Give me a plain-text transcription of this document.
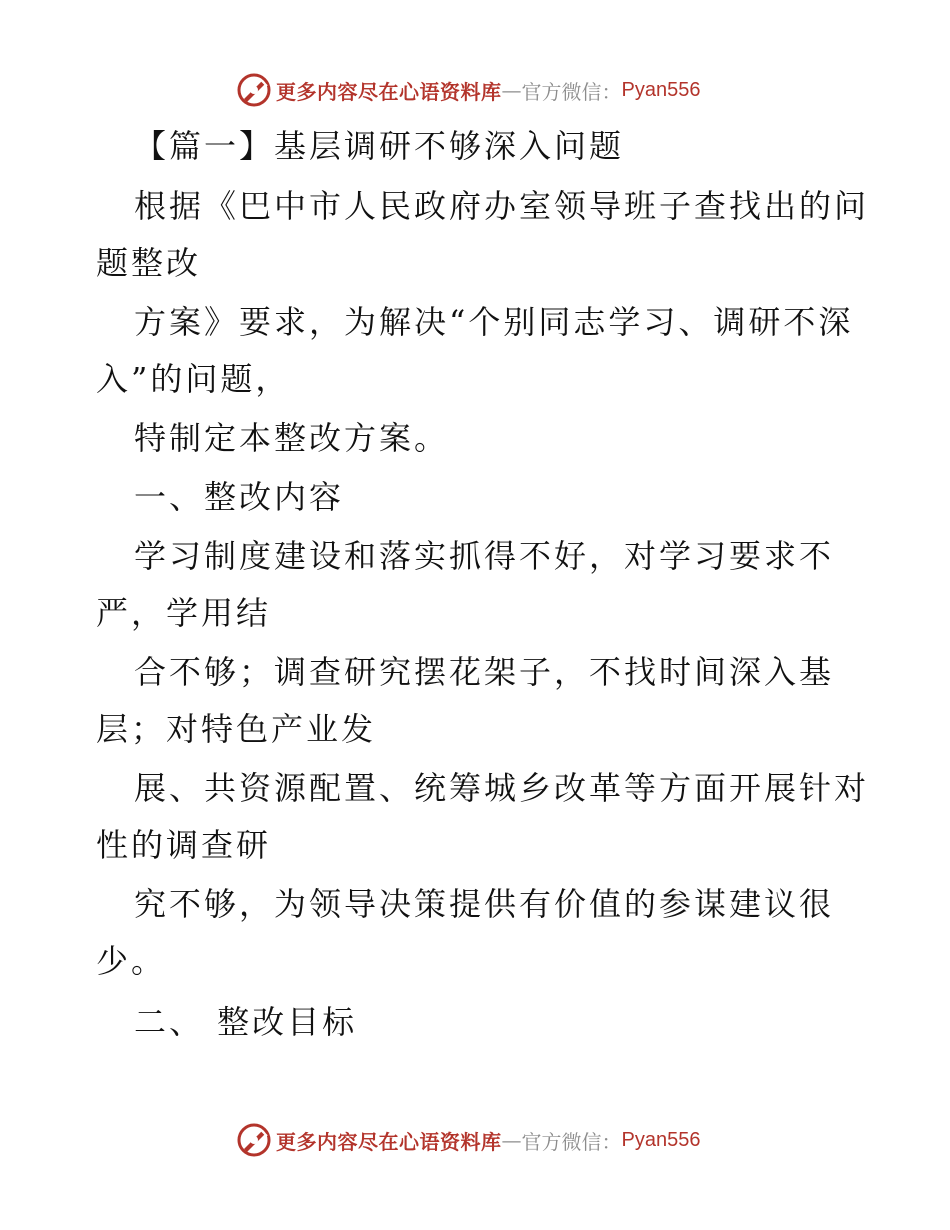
更多内容尽在心语资料库 — 官方微信： Pyan556
【篇一】基层调研不够深入问题
根据《巴中市人民政府办室领导班子查找出的问
题整改
方案》要求，为解决“个别同志学习、调研不深
入”的问题，
特制定本整改方案。
一、整改内容
学习制度建设和落实抓得不好，对学习要求不
严，学用结
合不够；调查研究摆花架子，不找时间深入基
层；对特色产业发
展、共资源配置、统筹城乡改革等方面开展针对
性的调查研
究不够，为领导决策提供有价值的参谋建议很
少。
二、 整改目标
更多内容尽在心语资料库 — 官方微信： Pyan556
